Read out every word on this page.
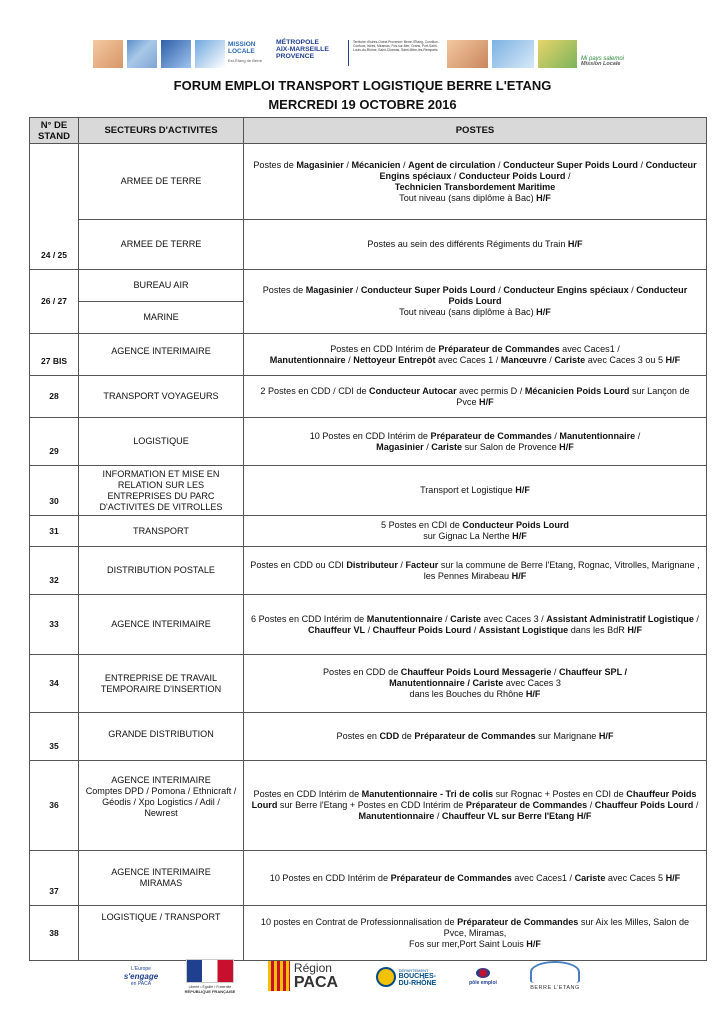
MISSION LOCALE
Est-Étang de Berre
MÉTROPOLE
AIX-MARSEILLE
PROVENCE
Territoire d'Istres-Ouest Provence: Berre-l'Étang, Cornillon-Confoux, Istres, Miramas, Fos-sur-Mer, Grans, Port-Saint-Louis-du-Rhône, Saint-Chamas, Saint-Mitre-les-Remparts
Mi pays salemoi
Mission Locale
FORUM EMPLOI TRANSPORT LOGISTIQUE BERRE L'ETANG
MERCREDI 19 OCTOBRE 2016
N° DE STAND	SECTEURS D'ACTIVITES	POSTES
24 / 25	ARMEE DE TERRE	Postes de Magasinier / Mécanicien / Agent de circulation / Conducteur Super Poids Lourd / Conducteur Engins spéciaux / Conducteur Poids Lourd /
Technicien Transbordement Maritime
Tout niveau (sans diplôme à Bac) H/F
	ARMEE DE TERRE	Postes au sein des différents Régiments du Train H/F
26 / 27	BUREAU AIR	Postes de Magasinier / Conducteur Super Poids Lourd / Conducteur Engins spéciaux / Conducteur Poids Lourd
Tout niveau (sans diplôme à Bac) H/F
	MARINE	
27 BIS	AGENCE INTERIMAIRE	Postes en CDD Intérim de Préparateur de Commandes avec Caces1 /
Manutentionnaire / Nettoyeur Entrepôt avec Caces 1 / Manœuvre / Cariste avec Caces 3 ou 5 H/F
28	TRANSPORT VOYAGEURS	2 Postes en CDD / CDI de Conducteur Autocar avec permis D / Mécanicien Poids Lourd sur Lançon de Pvce H/F
29	LOGISTIQUE	10 Postes en CDD Intérim de Préparateur de Commandes / Manutentionnaire /
Magasinier / Cariste sur Salon de Provence H/F
30	INFORMATION ET MISE EN RELATION SUR LES ENTREPRISES DU PARC D'ACTIVITES DE VITROLLES	Transport et Logistique H/F
31	TRANSPORT	5 Postes en CDI de Conducteur Poids Lourd
sur Gignac La Nerthe H/F
32	DISTRIBUTION POSTALE	Postes en CDD ou CDI Distributeur / Facteur sur la commune de Berre l'Etang, Rognac, Vitrolles, Marignane , les Pennes Mirabeau H/F
33	AGENCE INTERIMAIRE	6 Postes en CDD Intérim de Manutentionnaire / Cariste avec Caces 3 / Assistant Administratif Logistique / Chauffeur VL / Chauffeur Poids Lourd / Assistant Logistique dans les BdR H/F
34	ENTREPRISE DE TRAVAIL TEMPORAIRE D'INSERTION	Postes en CDD de Chauffeur Poids Lourd Messagerie / Chauffeur SPL /
Manutentionnaire / Cariste avec Caces 3
dans les Bouches du Rhône H/F
35	GRANDE DISTRIBUTION	Postes en CDD de Préparateur de Commandes sur Marignane H/F
36	AGENCE INTERIMAIRE
Comptes DPD / Pomona / Ethnicraft / Géodis / Xpo Logistics / Adil / Newrest	Postes en CDD Intérim de Manutentionnaire - Tri de colis sur Rognac + Postes en CDI de Chauffeur Poids Lourd sur Berre l'Etang + Postes en CDD Intérim de Préparateur de Commandes / Chauffeur Poids Lourd / Manutentionnaire / Chauffeur VL sur Berre l'Etang H/F
37	AGENCE INTERIMAIRE
MIRAMAS	10 Postes en CDD Intérim de Préparateur de Commandes avec Caces1 / Cariste avec Caces 5 H/F
38	LOGISTIQUE / TRANSPORT	10 postes en Contrat de Professionnalisation de Préparateur de Commandes sur Aix les Milles, Salon de Pvce, Miramas,
Fos sur mer,Port Saint Louis H/F
L'Europe
s'engage
en PACA	Liberté • Égalité • Fraternité
RÉPUBLIQUE FRANÇAISE
Région
PACA
DÉPARTEMENT
BOUCHES-
DU-RHÔNE	pôle emploi
BERRE L'ETANG
